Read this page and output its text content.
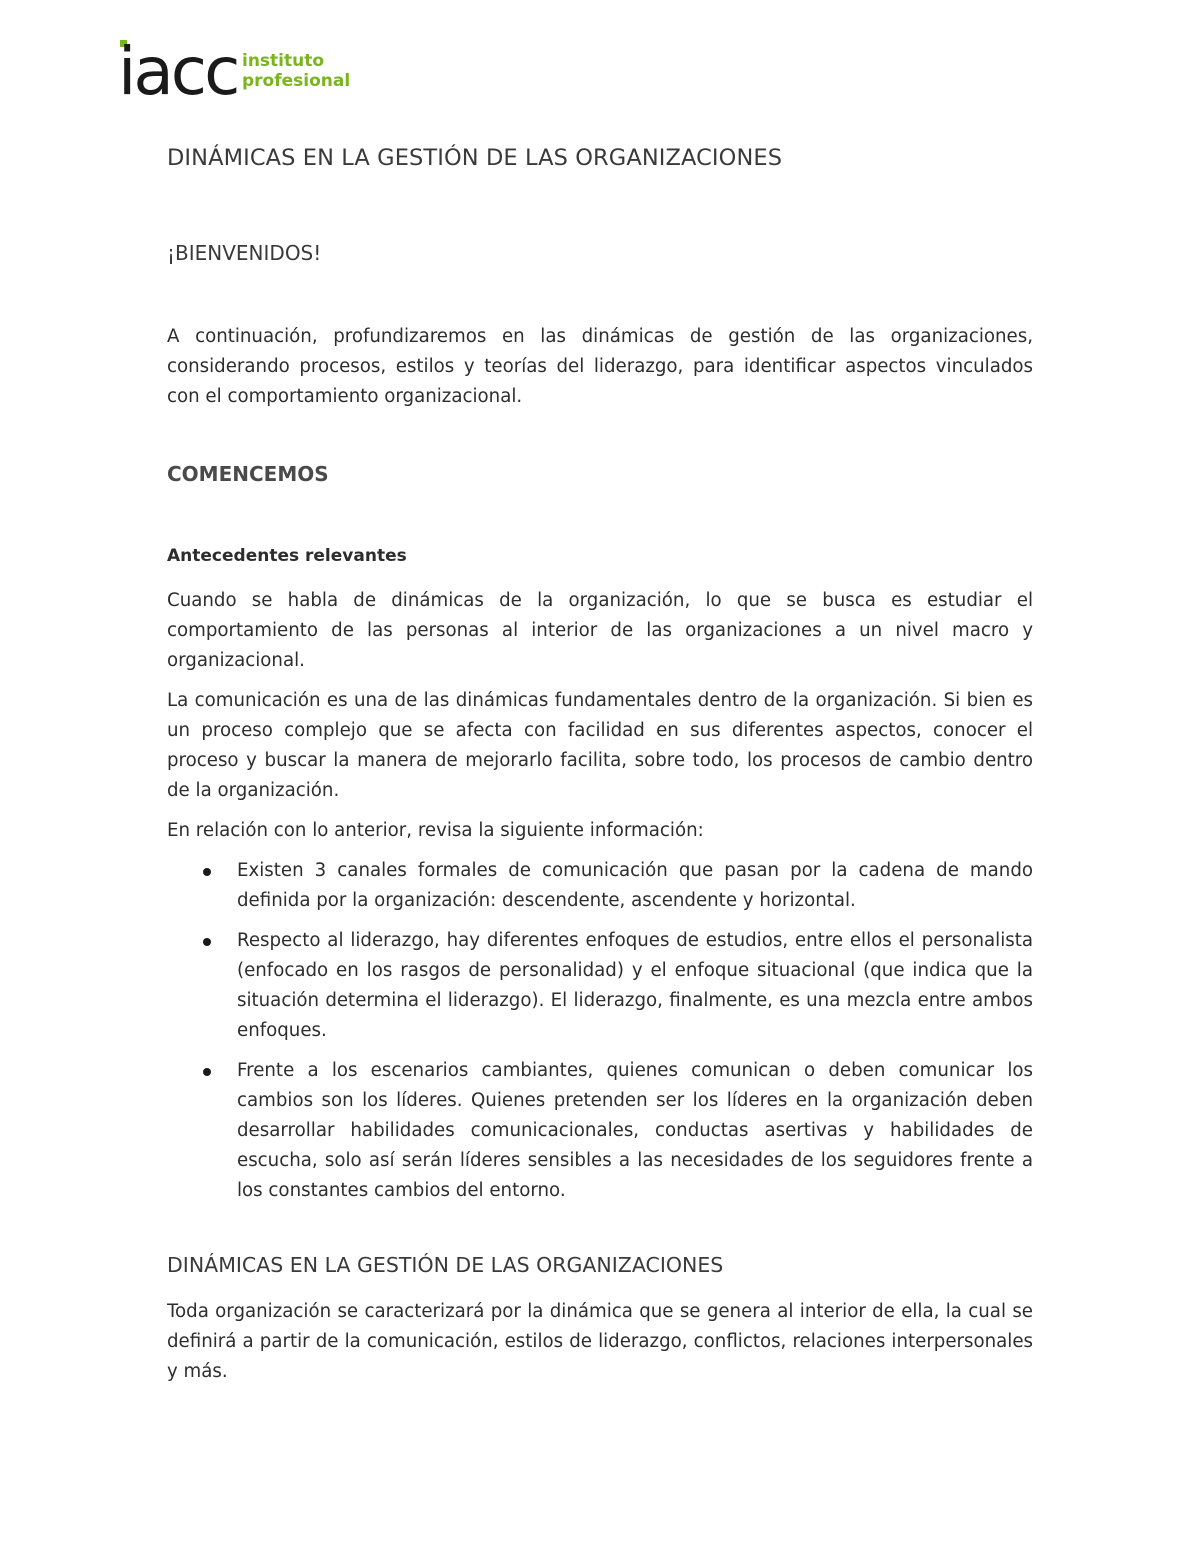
iacc instituto
profesional
DINÁMICAS EN LA GESTIÓN DE LAS ORGANIZACIONES
¡BIENVENIDOS!
A continuación, profundizaremos en las dinámicas de gestión de las organizaciones, considerando procesos, estilos y teorías del liderazgo, para identificar aspectos vinculados con el comportamiento organizacional.
COMENCEMOS
Antecedentes relevantes

Cuando se habla de dinámicas de la organización, lo que se busca es estudiar el comportamiento de las personas al interior de las organizaciones a un nivel macro y organizacional.

La comunicación es una de las dinámicas fundamentales dentro de la organización. Si bien es un proceso complejo que se afecta con facilidad en sus diferentes aspectos, conocer el proceso y buscar la manera de mejorarlo facilita, sobre todo, los procesos de cambio dentro de la organización.

En relación con lo anterior, revisa la siguiente información:

Existen 3 canales formales de comunicación que pasan por la cadena de mando definida por la organización: descendente, ascendente y horizontal.
Respecto al liderazgo, hay diferentes enfoques de estudios, entre ellos el personalista (enfocado en los rasgos de personalidad) y el enfoque situacional (que indica que la situación determina el liderazgo). El liderazgo, finalmente, es una mezcla entre ambos enfoques.
Frente a los escenarios cambiantes, quienes comunican o deben comunicar los cambios son los líderes. Quienes pretenden ser los líderes en la organización deben desarrollar habilidades comunicacionales, conductas asertivas y habilidades de escucha, solo así serán líderes sensibles a las necesidades de los seguidores frente a los constantes cambios del entorno.
DINÁMICAS EN LA GESTIÓN DE LAS ORGANIZACIONES

Toda organización se caracterizará por la dinámica que se genera al interior de ella, la cual se definirá a partir de la comunicación, estilos de liderazgo, conflictos, relaciones interpersonales y más.
